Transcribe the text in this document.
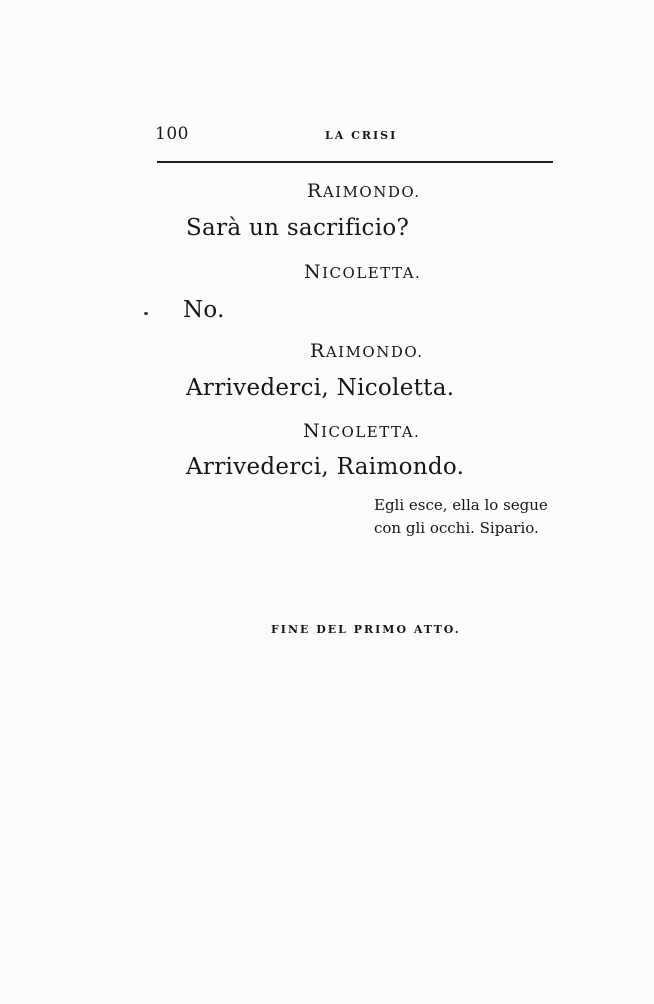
100	LA CRISI
RAIMONDO.
Sarà un sacrificio?
NICOLETTA.
No.
RAIMONDO.
Arrivederci, Nicoletta.
NICOLETTA.
Arrivederci, Raimondo.
Egli esce, ella lo segue
con gli occhi. Sipario.
FINE DEL PRIMO ATTO.
